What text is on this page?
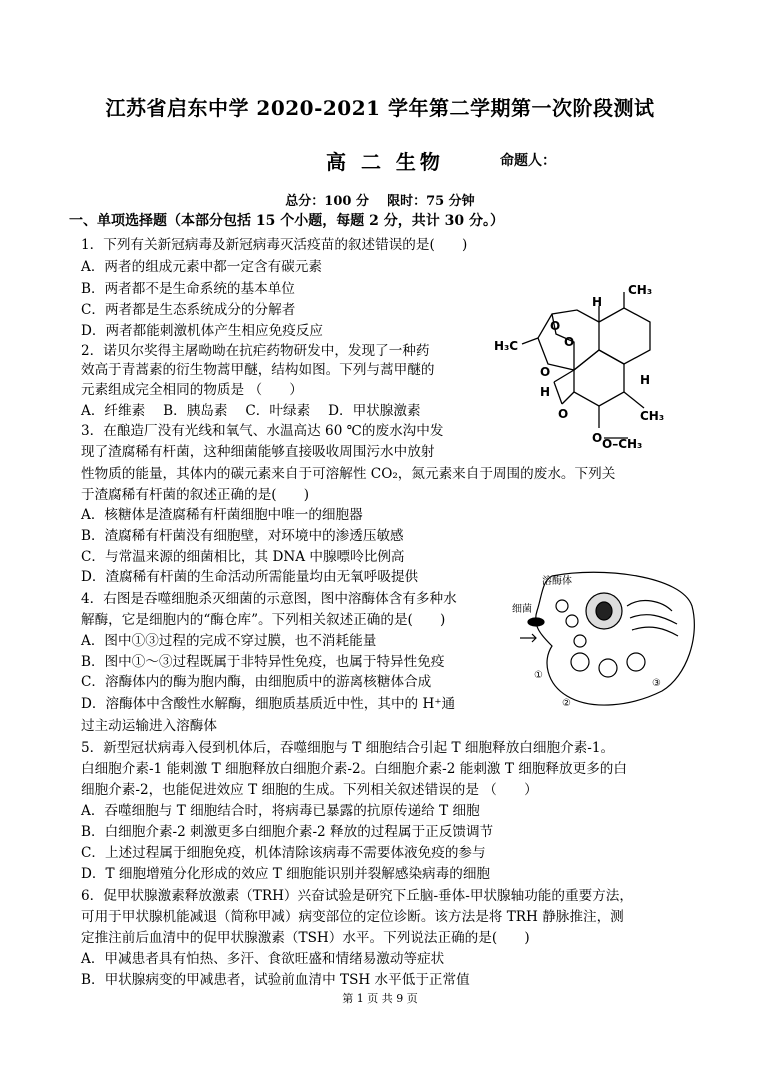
江苏省启东中学 2020-2021 学年第二学期第一次阶段测试
高 二 生物	命题人：
总分：100 分    限时：75 分钟
一、单项选择题（本部分包括 15 个小题，每题 2 分，共计 30 分。）
1．下列有关新冠病毒及新冠病毒灭活疫苗的叙述错误的是(　　)
A．两者的组成元素中都一定含有碳元素
B．两者都不是生命系统的基本单位
C．两者都是生态系统成分的分解者
D．两者都能刺激机体产生相应免疫反应
2．诺贝尔奖得主屠呦呦在抗疟药物研发中，发现了一种药
效高于青蒿素的衍生物蒿甲醚，结构如图。下列与蒿甲醚的
元素组成完全相同的物质是 （　　）
A．纤维素　 B．胰岛素　 C．叶绿素　 D．甲状腺激素
3．在酿造厂没有光线和氧气、水温高达 60 ℃的废水沟中发
现了渣腐稀有杆菌，这种细菌能够直接吸收周围污水中放射
性物质的能量，其体内的碳元素来自于可溶解性 CO₂，氮元素来自于周围的废水。下列关
于渣腐稀有杆菌的叙述正确的是(　　)
A．核糖体是渣腐稀有杆菌细胞中唯一的细胞器
B．渣腐稀有杆菌没有细胞壁，对环境中的渗透压敏感
C．与常温来源的细菌相比，其 DNA 中腺嘌呤比例高
D．渣腐稀有杆菌的生命活动所需能量均由无氧呼吸提供
4．右图是吞噬细胞杀灭细菌的示意图，图中溶酶体含有多种水
解酶，它是细胞内的“酶仓库”。下列相关叙述正确的是(　　)
A．图中①③过程的完成不穿过膜，也不消耗能量
B．图中①～③过程既属于非特异性免疫，也属于特异性免疫
C．溶酶体内的酶为胞内酶，由细胞质中的游离核糖体合成
D．溶酶体中含酸性水解酶，细胞质基质近中性，其中的 H⁺通
过主动运输进入溶酶体
5．新型冠状病毒入侵到机体后，吞噬细胞与 T 细胞结合引起 T 细胞释放白细胞介素-1。
白细胞介素-1 能刺激 T 细胞释放白细胞介素-2。白细胞介素-2 能刺激 T 细胞释放更多的白
细胞介素-2，也能促进效应 T 细胞的生成。下列相关叙述错误的是 （　　）
A．吞噬细胞与 T 细胞结合时，将病毒已暴露的抗原传递给 T 细胞
B．白细胞介素-2 刺激更多白细胞介素-2 释放的过程属于正反馈调节
C．上述过程属于细胞免疫，机体清除该病毒不需要体液免疫的参与
D．T 细胞增殖分化形成的效应 T 细胞能识别并裂解感染病毒的细胞
6．促甲状腺激素释放激素（TRH）兴奋试验是研究下丘脑-垂体-甲状腺轴功能的重要方法，
可用于甲状腺机能减退（简称甲减）病变部位的定位诊断。该方法是将 TRH 静脉推注，测
定推注前后血清中的促甲状腺激素（TSH）水平。下列说法正确的是(　　)
A．甲减患者具有怕热、多汗、食欲旺盛和情绪易激动等症状
B．甲状腺病变的甲减患者，试验前血清中 TSH 水平低于正常值
CH₃
H
H₃C
O
O
O
O
H
H
O O–CH₃
CH₃
溶酶体
细菌
①
②
③
第 1 页 共 9 页
